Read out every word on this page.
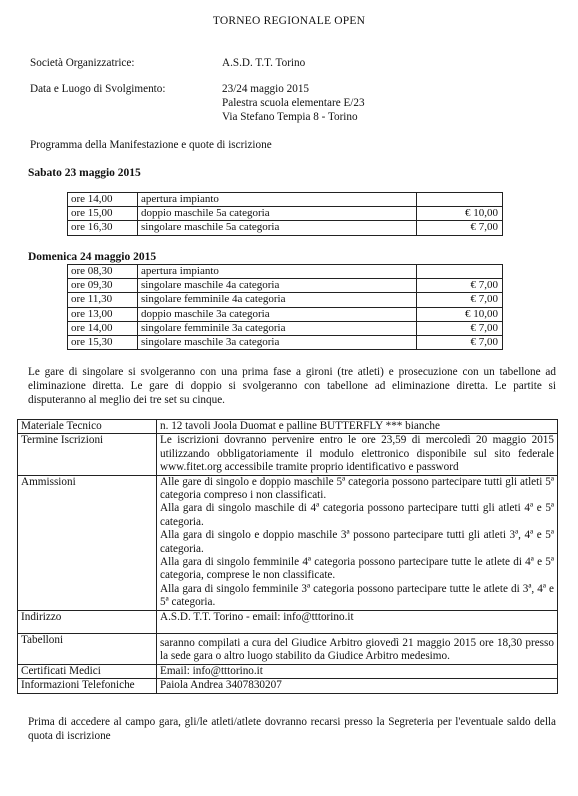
TORNEO REGIONALE OPEN
Società Organizzatrice:	A.S.D. T.T. Torino
Data e Luogo di Svolgimento:	23/24 maggio 2015
Palestra scuola elementare E/23
Via Stefano Tempia 8 - Torino
Programma della Manifestazione e quote di iscrizione
Sabato 23 maggio 2015
ore 14,00	apertura impianto	
ore 15,00	doppio maschile 5a categoria	€ 10,00
ore 16,30	singolare maschile 5a categoria	€ 7,00
Domenica 24 maggio 2015
ore 08,30	apertura impianto	
ore 09,30	singolare maschile 4a categoria	€ 7,00
ore 11,30	singolare femminile 4a categoria	€ 7,00
ore 13,00	doppio maschile 3a categoria	€ 10,00
ore 14,00	singolare femminile 3a categoria	€ 7,00
ore 15,30	singolare maschile 3a categoria	€ 7,00
Le gare di singolare si svolgeranno con una prima fase a gironi (tre atleti) e prosecuzione con un tabellone ad eliminazione diretta. Le gare di doppio si svolgeranno con tabellone ad eliminazione diretta. Le partite si disputeranno al meglio dei tre set su cinque.
Materiale Tecnico	n. 12 tavoli Joola Duomat e palline BUTTERFLY *** bianche
Termine Iscrizioni	Le iscrizioni dovranno pervenire entro le ore 23,59 di mercoledì 20 maggio 2015 utilizzando obbligatoriamente il modulo elettronico disponibile sul sito federale www.fitet.org accessibile tramite proprio identificativo e password
Ammissioni	Alle gare di singolo e doppio maschile 5ª categoria possono partecipare tutti gli atleti 5ª categoria compreso i non classificati.
Alla gara di singolo maschile di 4ª categoria possono partecipare tutti gli atleti 4ª e 5ª categoria.
Alla gara di singolo e doppio maschile 3ª possono partecipare tutti gli atleti 3ª, 4ª e 5ª categoria.
Alla gara di singolo femminile 4ª categoria possono partecipare tutte le atlete di 4ª e 5ª categoria, comprese le non classificate.
Alla gara di singolo femminile 3ª categoria possono partecipare tutte le atlete di 3ª, 4ª e 5ª categoria.

Indirizzo	A.S.D. T.T. Torino - email: info@tttorino.it
Tabelloni	saranno compilati a cura del Giudice Arbitro giovedì 21 maggio 2015 ore 18,30 presso la sede gara o altro luogo stabilito da Giudice Arbitro medesimo.
Certificati Medici	Email: info@tttorino.it
Informazioni Telefoniche	Paiola Andrea 3407830207
Prima di accedere al campo gara, gli/le atleti/atlete dovranno recarsi presso la Segreteria per l'eventuale saldo della quota di iscrizione
